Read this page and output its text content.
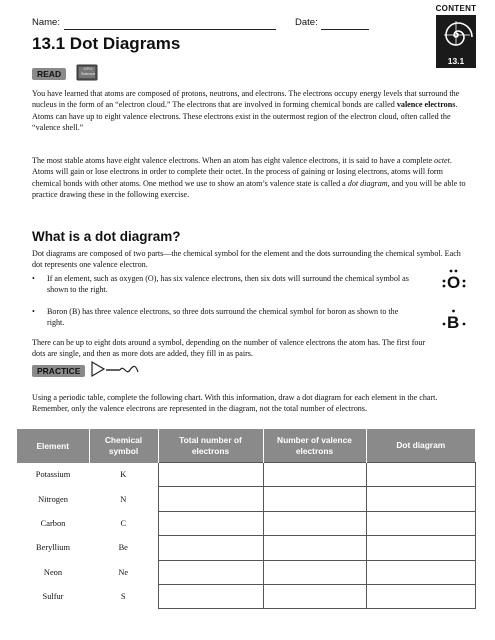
Name:	Date:
CONTENT
13.1
13.1 Dot Diagrams
READ
CPO Science

You have learned that atoms are composed of protons, neutrons, and electrons. The electrons occupy energy levels that surround the nucleus in the form of an “electron cloud.” The electrons that are involved in forming chemical bonds are called valence electrons. Atoms can have up to eight valence electrons. These electrons exist in the outermost region of the electron cloud, often called the “valence shell.”

The most stable atoms have eight valence electrons. When an atom has eight valence electrons, it is said to have a complete octet. Atoms will gain or lose electrons in order to complete their octet. In the process of gaining or losing electrons, atoms will form chemical bonds with other atoms. One method we use to show an atom’s valence state is called a dot diagram, and you will be able to practice drawing these in the following exercise.

What is a dot diagram?

Dot diagrams are composed of two parts—the chemical symbol for the element and the dots surrounding the chemical symbol. Each dot represents one valence electron.

• If an element, such as oxygen (O), has six valence electrons, then six dots will surround the chemical symbol as shown to the right.
• Boron (B) has three valence electrons, so three dots surround the chemical symbol for boron as shown to the right.
O
B

There can be up to eight dots around a symbol, depending on the number of valence electrons the atom has. The first four dots are single, and then as more dots are added, they fill in as pairs.

PRACTICE

Using a periodic table, complete the following chart. With this information, draw a dot diagram for each element in the chart. Remember, only the valence electrons are represented in the diagram, not the total number of electrons.

Element	Chemical symbol	Total number of electrons	Number of valence electrons	Dot diagram
Potassium	K			
Nitrogen	N			
Carbon	C			
Beryllium	Be			
Neon	Ne			
Sulfur	S			
